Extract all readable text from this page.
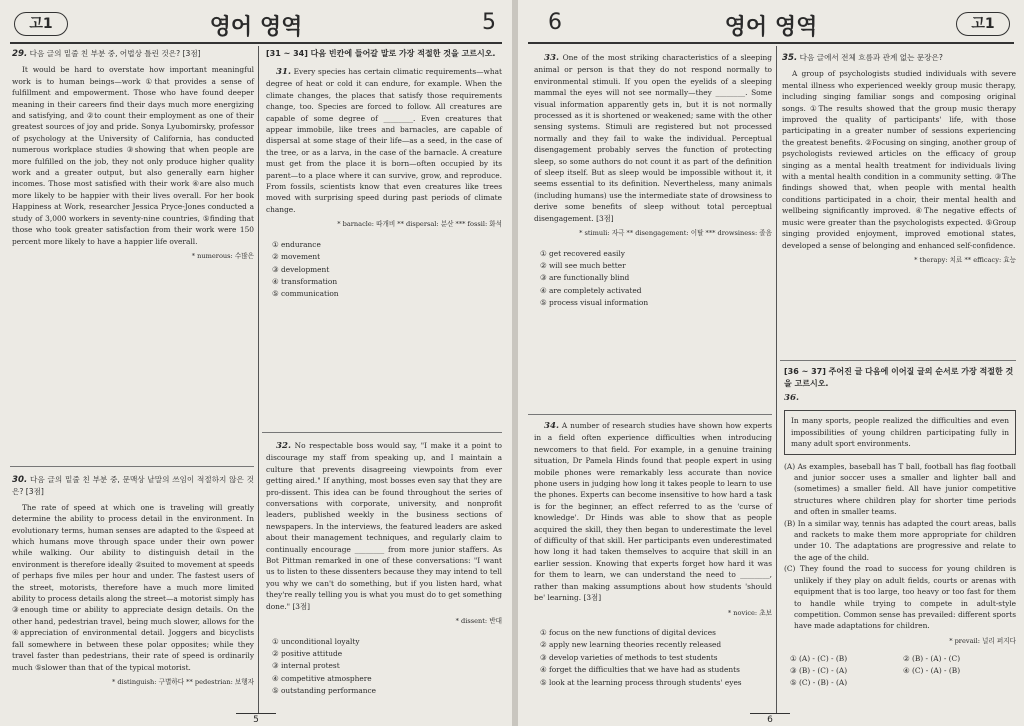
고1	영어 영역	5
29. 다음 글의 밑줄 친 부분 중, 어법상 틀린 것은? [3점]
It would be hard to overstate how important meaningful work is to human beings—work ①that provides a sense of fulfillment and empowerment. Those who have found deeper meaning in their careers find their days much more energizing and satisfying, and ②to count their employment as one of their greatest sources of joy and pride. Sonya Lyubomirsky, professor of psychology at the University of California, has conducted numerous workplace studies ③showing that when people are more fulfilled on the job, they not only produce higher quality work and a greater output, but also generally earn higher incomes. Those most satisfied with their work ④are also much more likely to be happier with their lives overall. For her book Happiness at Work, researcher Jessica Pryce-Jones conducted a study of 3,000 workers in seventy-nine countries, ⑤finding that those who took greater satisfaction from their work were 150 percent more likely to have a happier life overall.
* numerous: 수많은
30. 다음 글의 밑줄 친 부분 중, 문맥상 낱말의 쓰임이 적절하지 않은 것은? [3점]
The rate of speed at which one is traveling will greatly determine the ability to process detail in the environment. In evolutionary terms, human senses are adapted to the ①speed at which humans move through space under their own power while walking. Our ability to distinguish detail in the environment is therefore ideally ②suited to movement at speeds of perhaps five miles per hour and under. The fastest users of the street, motorists, therefore have a much more limited ability to process details along the street—a motorist simply has ③enough time or ability to appreciate design details. On the other hand, pedestrian travel, being much slower, allows for the ④appreciation of environmental detail. Joggers and bicyclists fall somewhere in between these polar opposites; while they travel faster than pedestrians, their rate of speed is ordinarily much ⑤slower than that of the typical motorist.
* distinguish: 구별하다 ** pedestrian: 보행자
[31 ~ 34] 다음 빈칸에 들어갈 말로 가장 적절한 것을 고르시오.
31. Every species has certain climatic requirements—what degree of heat or cold it can endure, for example. When the climate changes, the places that satisfy those requirements change, too. Species are forced to follow. All creatures are capable of some degree of ________. Even creatures that appear immobile, like trees and barnacles, are capable of dispersal at some stage of their life—as a seed, in the case of the tree, or as a larva, in the case of the barnacle. A creature must get from the place it is born—often occupied by its parent—to a place where it can survive, grow, and reproduce. From fossils, scientists know that even creatures like trees moved with surprising speed during past periods of climate change.
* barnacle: 따개비 ** dispersal: 분산 *** fossil: 화석
① endurance
② movement
③ development
④ transformation
⑤ communication
32. No respectable boss would say, "I make it a point to discourage my staff from speaking up, and I maintain a culture that prevents disagreeing viewpoints from ever getting aired." If anything, most bosses even say that they are pro-dissent. This idea can be found throughout the series of conversations with corporate, university, and nonprofit leaders, published weekly in the business sections of newspapers. In the interviews, the featured leaders are asked about their management techniques, and regularly claim to continually encourage ________ from more junior staffers. As Bot Pittman remarked in one of these conversations: "I want us to listen to these dissenters because they may intend to tell you why we can't do something, but if you listen hard, what they're really telling you is what you must do to get something done." [3점]
* dissent: 반대
① unconditional loyalty
② positive attitude
③ internal protest
④ competitive atmosphere
⑤ outstanding performance
5
6	영어 영역	고1
33. One of the most striking characteristics of a sleeping animal or person is that they do not respond normally to environmental stimuli. If you open the eyelids of a sleeping mammal the eyes will not see normally—they ________. Some visual information apparently gets in, but it is not normally processed as it is shortened or weakened; same with the other sensing systems. Stimuli are registered but not processed normally and they fail to wake the individual. Perceptual disengagement probably serves the function of protecting sleep, so some authors do not count it as part of the definition of sleep itself. But as sleep would be impossible without it, it seems essential to its definition. Nevertheless, many animals (including humans) use the intermediate state of drowsiness to derive some benefits of sleep without total perceptual disengagement. [3점]
* stimuli: 자극 ** disengagement: 이탈 *** drowsiness: 졸음
① get recovered easily
② will see much better
③ are functionally blind
④ are completely activated
⑤ process visual information
34. A number of research studies have shown how experts in a field often experience difficulties when introducing newcomers to that field. For example, in a genuine training situation, Dr Pamela Hinds found that people expert in using mobile phones were remarkably less accurate than novice phone users in judging how long it takes people to learn to use the phones. Experts can become insensitive to how hard a task is for the beginner, an effect referred to as the 'curse of knowledge'. Dr Hinds was able to show that as people acquired the skill, they then began to underestimate the level of difficulty of that skill. Her participants even underestimated how long it had taken themselves to acquire that skill in an earlier session. Knowing that experts forget how hard it was for them to learn, we can understand the need to ________, rather than making assumptions about how students 'should be' learning. [3점]
* novice: 초보
① focus on the new functions of digital devices
② apply new learning theories recently released
③ develop varieties of methods to test students
④ forget the difficulties that we have had as students
⑤ look at the learning process through students' eyes
35. 다음 글에서 전체 흐름과 관계 없는 문장은?
A group of psychologists studied individuals with severe mental illness who experienced weekly group music therapy, including singing familiar songs and composing original songs. ①The results showed that the group music therapy improved the quality of participants' life, with those participating in a greater number of sessions experiencing the greatest benefits. ②Focusing on singing, another group of psychologists reviewed articles on the efficacy of group singing as a mental health treatment for individuals living with a mental health condition in a community setting. ③The findings showed that, when people with mental health conditions participated in a choir, their mental health and wellbeing significantly improved. ④The negative effects of music were greater than the psychologists expected. ⑤Group singing provided enjoyment, improved emotional states, developed a sense of belonging and enhanced self-confidence.
* therapy: 치료 ** efficacy: 효능
[36 ~ 37] 주어진 글 다음에 이어질 글의 순서로 가장 적절한 것을 고르시오.
36.
In many sports, people realized the difficulties and even impossibilities of young children participating fully in many adult sport environments.
(A) As examples, baseball has T ball, football has flag football and junior soccer uses a smaller and lighter ball and (sometimes) a smaller field. All have junior competitive structures where children play for shorter time periods and often in smaller teams.
(B) In a similar way, tennis has adapted the court areas, balls and rackets to make them more appropriate for children under 10. The adaptations are progressive and relate to the age of the child.
(C) They found the road to success for young children is unlikely if they play on adult fields, courts or arenas with equipment that is too large, too heavy or too fast for them to handle while trying to compete in adult-style competition. Common sense has prevailed: different sports have made adaptations for children.
* prevail: 널리 퍼지다
① (A) - (C) - (B)	② (B) - (A) - (C)
③ (B) - (C) - (A)	④ (C) - (A) - (B)
⑤ (C) - (B) - (A)
6
